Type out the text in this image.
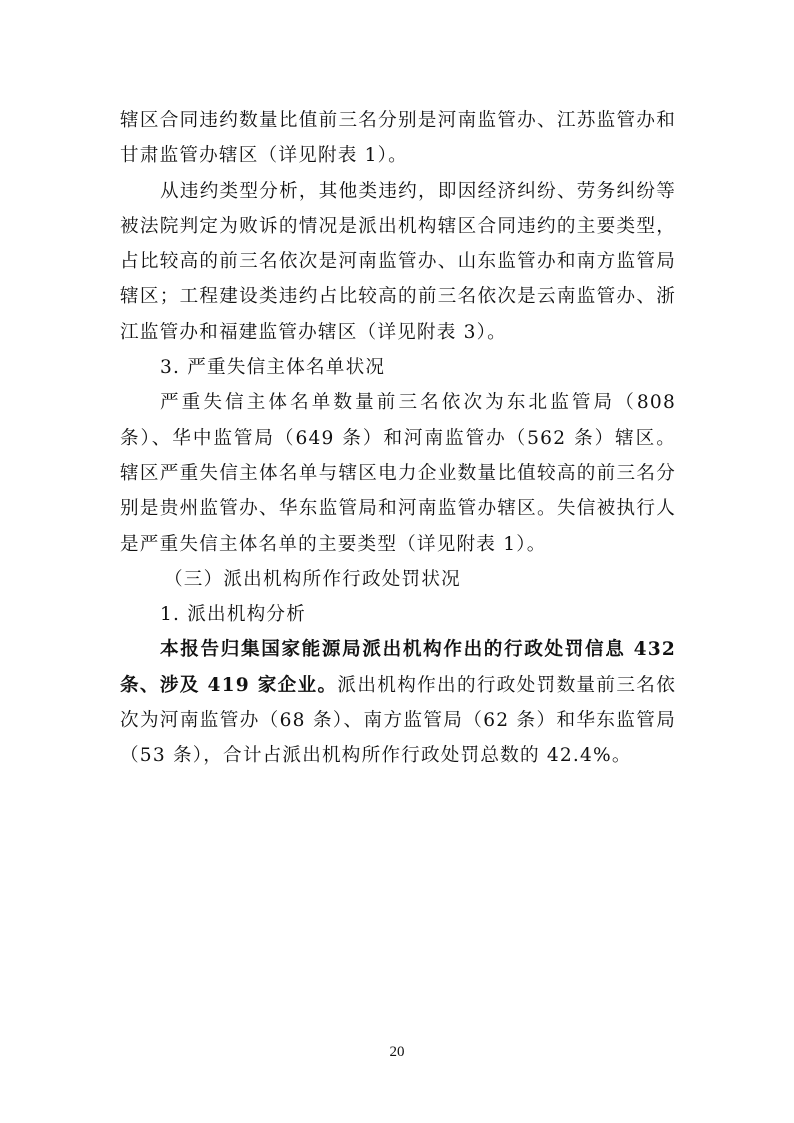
辖区合同违约数量比值前三名分别是河南监管办、江苏监管办和甘肃监管办辖区（详见附表 1）。

从违约类型分析，其他类违约，即因经济纠纷、劳务纠纷等被法院判定为败诉的情况是派出机构辖区合同违约的主要类型，占比较高的前三名依次是河南监管办、山东监管办和南方监管局辖区；工程建设类违约占比较高的前三名依次是云南监管办、浙江监管办和福建监管办辖区（详见附表 3）。

3. 严重失信主体名单状况

严重失信主体名单数量前三名依次为东北监管局（808 条）、华中监管局（649 条）和河南监管办（562 条）辖区。辖区严重失信主体名单与辖区电力企业数量比值较高的前三名分别是贵州监管办、华东监管局和河南监管办辖区。失信被执行人是严重失信主体名单的主要类型（详见附表 1）。

（三）派出机构所作行政处罚状况

1. 派出机构分析

本报告归集国家能源局派出机构作出的行政处罚信息 432 条、涉及 419 家企业。派出机构作出的行政处罚数量前三名依次为河南监管办（68 条）、南方监管局（62 条）和华东监管局（53 条），合计占派出机构所作行政处罚总数的 42.4%。

20
